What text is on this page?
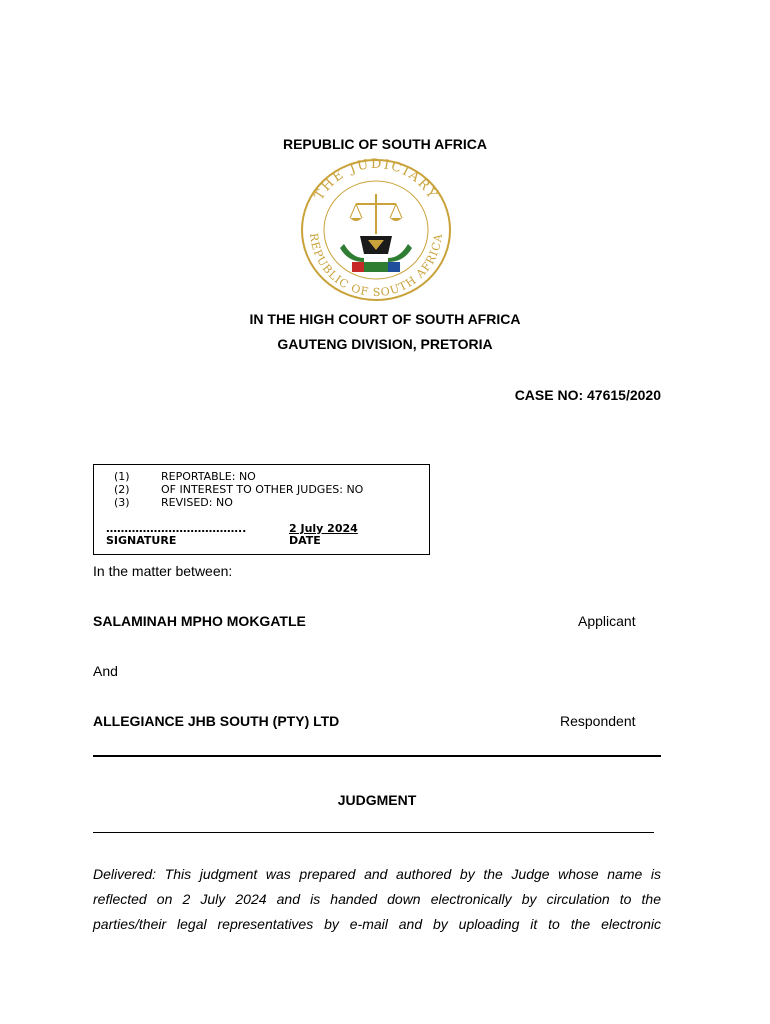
REPUBLIC OF SOUTH AFRICA
THE JUDICIARY
REPUBLIC OF SOUTH AFRICA
IN THE HIGH COURT OF SOUTH AFRICA
GAUTENG DIVISION, PRETORIA
CASE NO: 47615/2020
(1)	REPORTABLE: NO
(2)	OF INTEREST TO OTHER JUDGES: NO
(3)	REVISED: NO
………………………………..
SIGNATURE
2 July 2024
DATE
In the matter between:
SALAMINAH MPHO MOKGATLE	Applicant
And
ALLEGIANCE JHB SOUTH (PTY) LTD	Respondent
JUDGMENT
Delivered: This judgment was prepared and authored by the Judge whose name is
reflected on 2 July 2024 and is handed down electronically by circulation to the
parties/their legal representatives by e-mail and by uploading it to the electronic
